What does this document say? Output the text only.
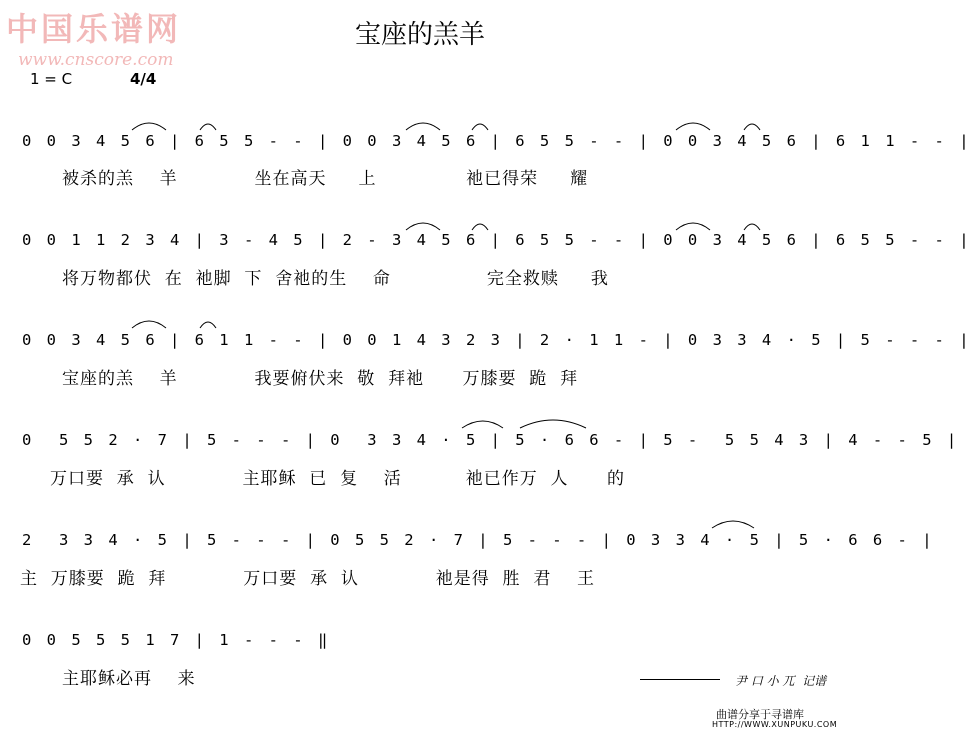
中国乐谱网
www.cnscore.com
宝座的羔羊
1 = C	4/4
0 0 3 4 5 6 | 6 5 5 - - | 0 0 3 4 5 6 | 6 5 5 - - | 0 0 3 4 5 6 | 6 1 1 - - |
被杀的羔    羊            坐在高天     上              祂已得荣     耀
0 0 1 1 2 3 4 | 3 - 4 5 | 2 - 3 4 5 6 | 6 5 5 - - | 0 0 3 4 5 6 | 6 5 5 - - |
将万物都伏  在  祂脚  下  舍祂的生    命               完全救赎     我
0 0 3 4 5 6 | 6 1 1 - - | 0 0 1 4 3 2 3 | 2 · 1 1 - | 0 3 3 4 · 5 | 5 - - - |
宝座的羔    羊            我要俯伏来  敬  拜祂      万膝要  跪  拜
0  5 5 2 · 7 | 5 - - - | 0  3 3 4 · 5 | 5 · 6 6 - | 5 -  5 5 4 3 | 4 - - 5 |
万口要  承  认            主耶稣  已  复    活          祂已作万  人      的
2  3 3 4 · 5 | 5 - - - | 0 5 5 2 · 7 | 5 - - - | 0 3 3 4 · 5 | 5 · 6 6 - |
主  万膝要  跪  拜            万口要  承  认            祂是得  胜  君    王
0 0 5 5 5 1 7 | 1 - - - ‖
主耶稣必再    来	尹 口 小 兀  记谱
曲谱分享于寻谱库
HTTP://WWW.XUNPUKU.COM
